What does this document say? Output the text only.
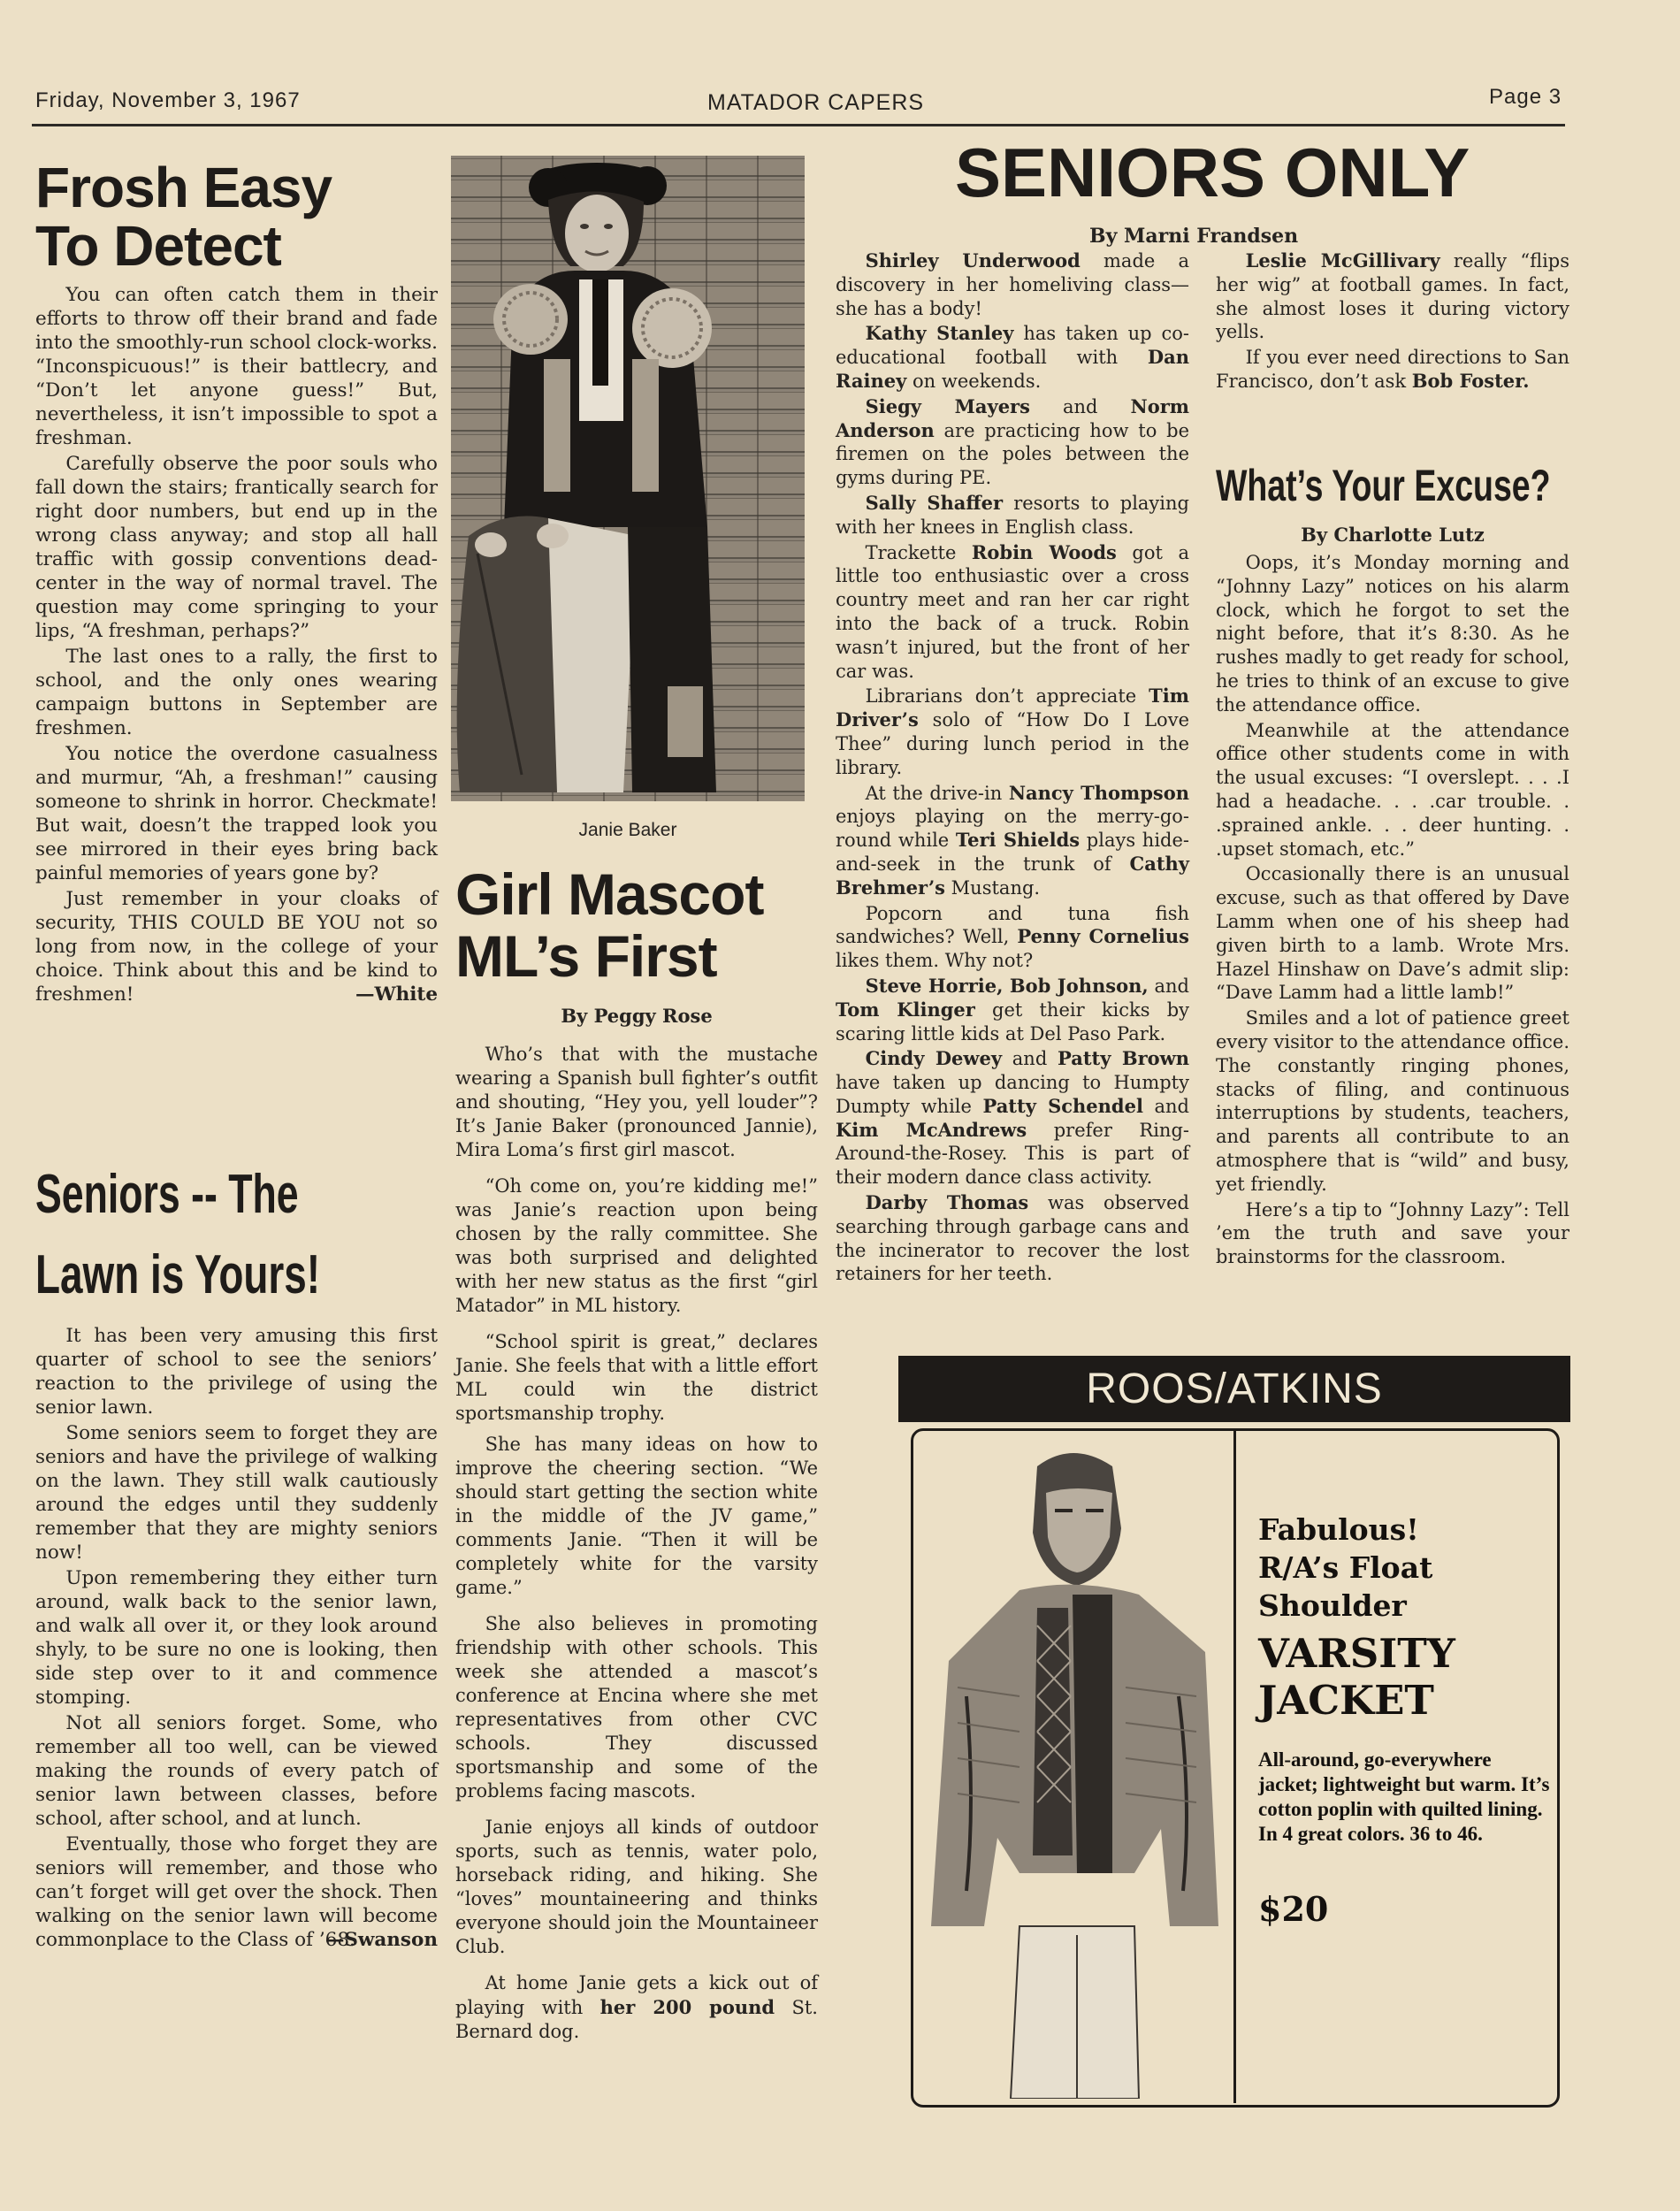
Friday, November 3, 1967	MATADOR CAPERS	Page 3
Frosh Easy
To Detect

You can often catch them in their efforts to throw off their brand and fade into the smoothly-run school clock-works. “Inconspicuous!” is their battlecry, and “Don’t let anyone guess!” But, nevertheless, it isn’t impossible to spot a freshman.

Carefully observe the poor souls who fall down the stairs; frantically search for right door numbers, but end up in the wrong class anyway; and stop all hall traffic with gossip conventions dead-center in the way of normal travel. The question may come springing to your lips, “A freshman, perhaps?”

The last ones to a rally, the first to school, and the only ones wearing campaign buttons in September are freshmen.

You notice the overdone casualness and murmur, “Ah, a freshman!” causing someone to shrink in horror. Checkmate! But wait, doesn’t the trapped look you see mirrored in their eyes bring back painful memories of years gone by?

Just remember in your cloaks of security, THIS COULD BE YOU not so long from now, in the college of your choice. Think about this and be kind to freshmen!	—White
Seniors -- The
Lawn is Yours!

It has been very amusing this first quarter of school to see the seniors’ reaction to the privilege of using the senior lawn.

Some seniors seem to forget they are seniors and have the privilege of walking on the lawn. They still walk cautiously around the edges until they suddenly remember that they are mighty seniors now!

Upon remembering they either turn around, walk back to the senior lawn, and walk all over it, or they look around shyly, to be sure no one is looking, then side step over to it and commence stomping.

Not all seniors forget. Some, who remember all too well, can be viewed making the rounds of every patch of senior lawn between classes, before school, after school, and at lunch.

Eventually, those who forget they are seniors will remember, and those who can’t forget will get over the shock. Then walking on the senior lawn will become commonplace to the Class of ’68.

—Swanson
Janie Baker
Girl Mascot
ML’s First
By Peggy Rose

Who’s that with the mustache wearing a Spanish bull fighter’s outfit and shouting, “Hey you, yell louder”? It’s Janie Baker (pronounced Jannie), Mira Loma’s first girl mascot.

“Oh come on, you’re kidding me!” was Janie’s reaction upon being chosen by the rally committee. She was both surprised and delighted with her new status as the first “girl Matador” in ML history.

“School spirit is great,” declares Janie. She feels that with a little effort ML could win the district sportsmanship trophy.

She has many ideas on how to improve the cheering section. “We should start getting the section white in the middle of the JV game,” comments Janie. “Then it will be completely white for the varsity game.”

She also believes in promoting friendship with other schools. This week she attended a mascot’s conference at Encina where she met representatives from other CVC schools. They discussed sportsmanship and some of the problems facing mascots.

Janie enjoys all kinds of outdoor sports, such as tennis, water polo, horseback riding, and hiking. She “loves” mountaineering and thinks everyone should join the Mountaineer Club.

At home Janie gets a kick out of playing with her 200 pound St. Bernard dog.

SENIORS ONLY
By Marni Frandsen

Shirley Underwood made a discovery in her homeliving class—she has a body!

Kathy Stanley has taken up co-educational football with Dan Rainey on weekends.

Siegy Mayers and Norm Anderson are practicing how to be firemen on the poles between the gyms during PE.

Sally Shaffer resorts to playing with her knees in English class.

Trackette Robin Woods got a little too enthusiastic over a cross country meet and ran her car right into the back of a truck. Robin wasn’t injured, but the front of her car was.

Librarians don’t appreciate Tim Driver’s solo of “How Do I Love Thee” during lunch period in the library.

At the drive-in Nancy Thompson enjoys playing on the merry-go-round while Teri Shields plays hide-and-seek in the trunk of Cathy Brehmer’s Mustang.

Popcorn and tuna fish sandwiches? Well, Penny Cornelius likes them. Why not?

Steve Horrie, Bob Johnson, and Tom Klinger get their kicks by scaring little kids at Del Paso Park.

Cindy Dewey and Patty Brown have taken up dancing to Humpty Dumpty while Patty Schendel and Kim McAndrews prefer Ring-Around-the-Rosey. This is part of their modern dance class activity.

Darby Thomas was observed searching through garbage cans and the incinerator to recover the lost retainers for her teeth.

Leslie McGillivary really “flips her wig” at football games. In fact, she almost loses it during victory yells.

If you ever need directions to San Francisco, don’t ask Bob Foster.

What’s Your Excuse?
By Charlotte Lutz

Oops, it’s Monday morning and “Johnny Lazy” notices on his alarm clock, which he forgot to set the night before, that it’s 8:30. As he rushes madly to get ready for school, he tries to think of an excuse to give the attendance office.

Meanwhile at the attendance office other students come in with the usual excuses: “I overslept. . . .I had a headache. . . .car trouble. . .sprained ankle. . . deer hunting. . .upset stomach, etc.”

Occasionally there is an unusual excuse, such as that offered by Dave Lamm when one of his sheep had given birth to a lamb. Wrote Mrs. Hazel Hinshaw on Dave’s admit slip: “Dave Lamm had a little lamb!”

Smiles and a lot of patience greet every visitor to the attendance office. The constantly ringing phones, stacks of filing, and continuous interruptions by students, teachers, and parents all contribute to an atmosphere that is “wild” and busy, yet friendly.

Here’s a tip to “Johnny Lazy”: Tell ’em the truth and save your brainstorms for the classroom.

ROOS/ATKINS
Fabulous!
R/A’s Float
Shoulder
VARSITY
JACKET
All-around, go-everywhere jacket; lightweight but warm. It’s cotton poplin with quilted lining. In 4 great colors. 36 to 46.
$20
